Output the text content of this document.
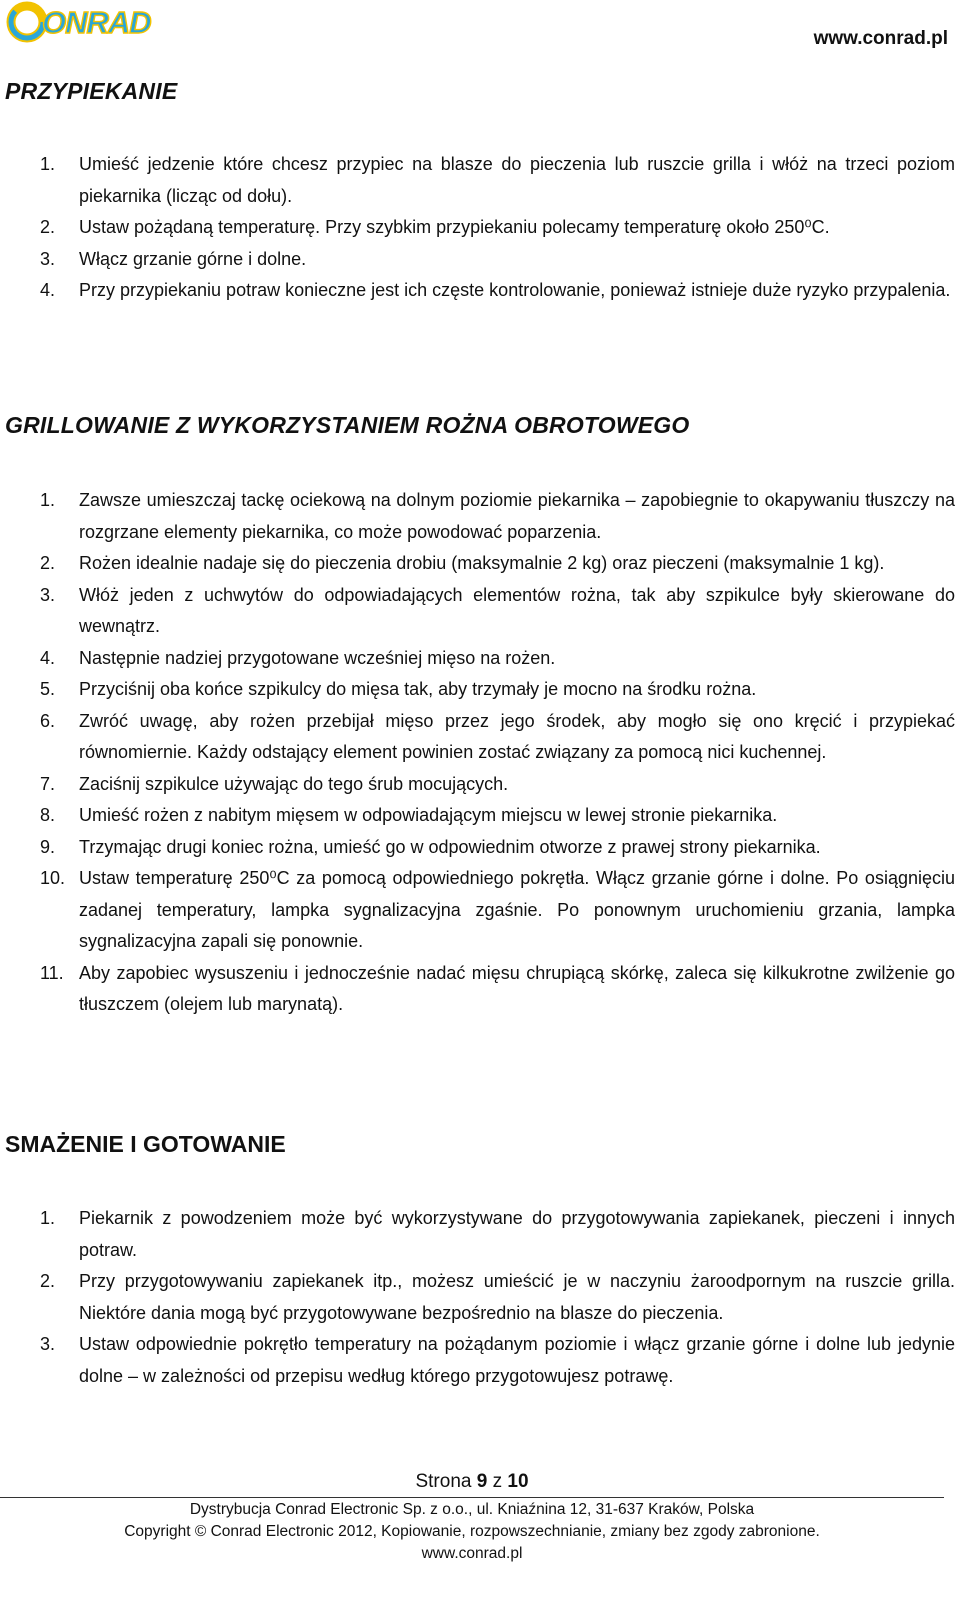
ONRAD	www.conrad.pl
PRZYPIEKANIE
1. Umieść jedzenie które chcesz przypiec na blasze do pieczenia lub ruszcie grilla i włóż na trzeci poziom piekarnika (licząc od dołu).
2. Ustaw pożądaną temperaturę. Przy szybkim przypiekaniu polecamy temperaturę około 250⁰C.
3. Włącz grzanie górne i dolne.
4. Przy przypiekaniu potraw konieczne jest ich częste kontrolowanie, ponieważ istnieje duże ryzyko przypalenia.
GRILLOWANIE Z WYKORZYSTANIEM ROŻNA OBROTOWEGO
1. Zawsze umieszczaj tackę ociekową na dolnym poziomie piekarnika – zapobiegnie to okapywaniu tłuszczy na rozgrzane elementy piekarnika, co może powodować poparzenia.
2. Rożen idealnie nadaje się do pieczenia drobiu (maksymalnie 2 kg) oraz pieczeni (maksymalnie 1 kg).
3. Włóż jeden z uchwytów do odpowiadających elementów rożna, tak aby szpikulce były skierowane do wewnątrz.
4. Następnie nadziej przygotowane wcześniej mięso na rożen.
5. Przyciśnij oba końce szpikulcy do mięsa tak, aby trzymały je mocno na środku rożna.
6. Zwróć uwagę, aby rożen przebijał mięso przez jego środek, aby mogło się ono kręcić i przypiekać równomiernie. Każdy odstający element powinien zostać związany za pomocą nici kuchennej.
7. Zaciśnij szpikulce używając do tego śrub mocujących.
8. Umieść rożen z nabitym mięsem w odpowiadającym miejscu w lewej stronie piekarnika.
9. Trzymając drugi koniec rożna, umieść go w odpowiednim otworze z prawej strony piekarnika.
10. Ustaw temperaturę 250⁰C za pomocą odpowiedniego pokrętła. Włącz grzanie górne i dolne. Po osiągnięciu zadanej temperatury, lampka sygnalizacyjna zgaśnie. Po ponownym uruchomieniu grzania, lampka sygnalizacyjna zapali się ponownie.
11. Aby zapobiec wysuszeniu i jednocześnie nadać mięsu chrupiącą skórkę, zaleca się kilkukrotne zwilżenie go tłuszczem (olejem lub marynatą).
SMAŻENIE I GOTOWANIE
1. Piekarnik z powodzeniem może być wykorzystywane do przygotowywania zapiekanek, pieczeni i innych potraw.
2. Przy przygotowywaniu zapiekanek itp., możesz umieścić je w naczyniu żaroodpornym na ruszcie grilla. Niektóre dania mogą być przygotowywane bezpośrednio na blasze do pieczenia.
3. Ustaw odpowiednie pokrętło temperatury na pożądanym poziomie i włącz grzanie górne i dolne lub jedynie dolne – w zależności od przepisu według którego przygotowujesz potrawę.
Strona 9 z 10
Dystrybucja Conrad Electronic Sp. z o.o., ul. Kniaźnina 12, 31-637 Kraków, Polska
Copyright © Conrad Electronic 2012, Kopiowanie, rozpowszechnianie, zmiany bez zgody zabronione.
www.conrad.pl
